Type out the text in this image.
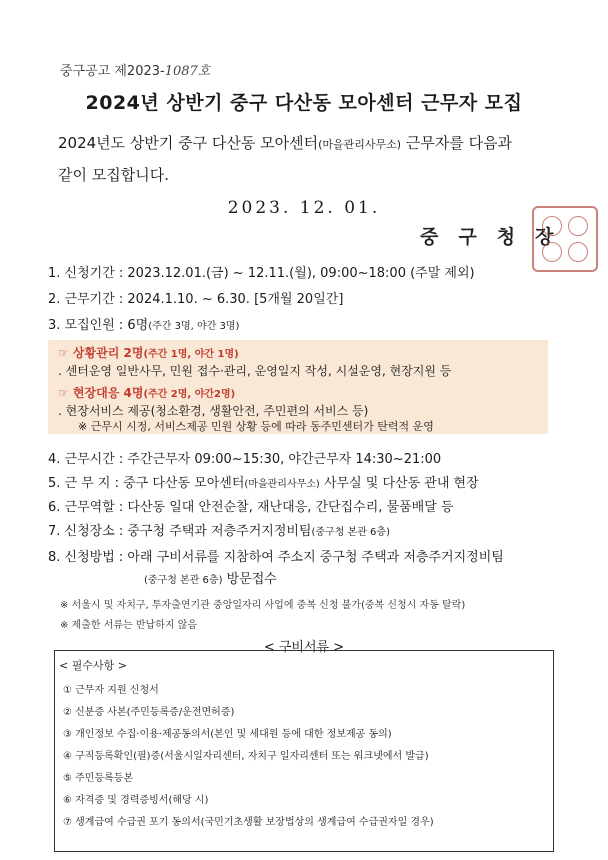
중구공고 제2023-1087호
2024년 상반기 중구 다산동 모아센터 근무자 모집
2024년도 상반기 중구 다산동 모아센터(마을관리사무소) 근무자를 다음과
같이 모집합니다.
2023. 12. 01.
중구청장
1. 신청기간 : 2023.12.01.(금) ~ 12.11.(월), 09:00~18:00 (주말 제외)
2. 근무기간 : 2024.1.10. ~ 6.30. [5개월 20일간]
3. 모집인원 : 6명(주간 3명, 야간 3명)
☞ 상황관리 2명(주간 1명, 야간 1명)
. 센터운영 일반사무, 민원 접수·관리, 운영일지 작성, 시설운영, 현장지원 등
☞ 현장대응 4명(주간 2명, 야간2명)
. 현장서비스 제공(청소환경, 생활안전, 주민편의 서비스 등)
※ 근무시 시정, 서비스제공 민원 상황 등에 따라 동주민센터가 탄력적 운영
4. 근무시간 : 주간근무자 09:00~15:30, 야간근무자 14:30~21:00
5. 근 무 지 : 중구 다산동 모아센터(마을관리사무소) 사무실 및 다산동 관내 현장
6. 근무역할 : 다산동 일대 안전순찰, 재난대응, 간단집수리, 물품배달 등
7. 신청장소 : 중구청 주택과 저층주거지정비팀(중구청 본관 6층)
8. 신청방법 : 아래 구비서류를 지참하여 주소지 중구청 주택과 저층주거지정비팀
(중구청 본관 6층) 방문접수
※ 서울시 및 자치구, 투자출연기관 중앙일자리 사업에 중복 신청 불가(중복 신청시 자동 탈락)
※ 제출한 서류는 반납하지 않음
< 구비서류 >
< 필수사항 >
① 근무자 지원 신청서
② 신분증 사본(주민등록증/운전면허증)
③ 개인정보 수집·이용·제공동의서(본인 및 세대원 등에 대한 정보제공 동의)
④ 구직등록확인(필)증(서울시일자리센터, 자치구 일자리센터 또는 워크넷에서 발급)
⑤ 주민등록등본
⑥ 자격증 및 경력증빙서(해당 시)
⑦ 생계급여 수급권 포기 동의서(국민기초생활 보장법상의 생계급여 수급권자일 경우)
